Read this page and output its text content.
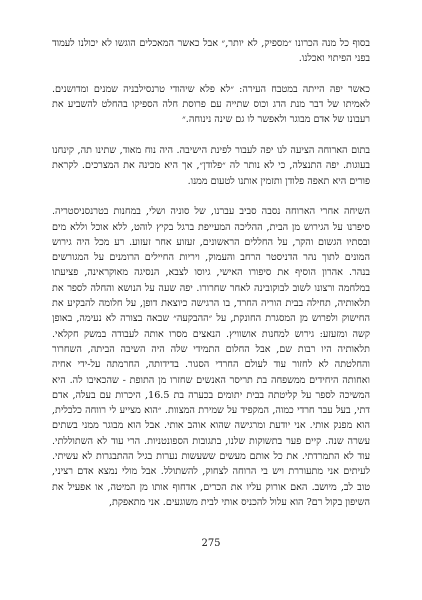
בסוף כל מנה הכרונו ״מספיק, לא יותר,״ אבל כאשר המאכלים הוגשו לא יכולנו לעמוד בפני הפיתוי ואכלנו.

כאשר יפה הייתה במטבח העירה: ״לא פלא שיהודי טרנסילבניה שמנים ומדושנים. לאמיתו של דבר מנת הדג וכוס שתייה עם פרוסת חלה הספיקו בהחלט להשביע את רעבונו של אדם מבוגר ולאפשר לו גם שינה נינוחה.״

בתום הארוחה הציעה לנו יפה לעבור לפינת הישיבה. היה נוח מאוד, שתינו תה, קינחנו בעוגות. יפה התנצלה, כי לא נותר לה ״פלודן״, אך היא מכינה את המצרכים. לקראת פורים היא תאפה פלודן ותזמין אותנו לטעום ממנו.

השיחה אחרי הארוחה נסבה סביב עברנו, של סוניה ושלי, במחנות בטרנסניסטריה. סיפרנו על הגירוש מן הבית, ההליכה המעייפת ברגל בקיץ לוהט, ללא אוכל וללא מים ובסתיו הגשום והקר, על החללים הראשונים, זעזוע אחר זעזוע. רע מכל היה גירוש המונים לתוך נהר הדניסטר הרחב והעמוק, ויריות החיילים הרומנים על המגורשים בנהר. אהרון הוסיף את סיפורו האישי, גיוסו לצבא, הנסיגה מאוקראינה, פציעתו במלחמה ורצונו לשוב לבוקובינה לאחר שחרורו. יפה שעה על הנושא והחלה לספר את תלאותיה, תחילה בבית הוריה החרד, בו הרגישה כיוצאת דופן, על חלומה להבקיע את החישוק ולפרוש מן המסגרת החונקת, על ״ההבקעה״ שבאה בצורה לא נעימה, באופן קשה ומזעזע: גירוש למחנות אושוויץ. הנאצים מסרו אותה לעבודה במשק חקלאי. תלאותיה היו רבות שם, אבל החלום התמידי שלה היה השיבה הביתה, השחרור והחלטתה לא לחזור עוד לעולם החרדי הסגור. בדידותה, החרמתה על-ידי אחיה ואחותה היחידים ממשפחה בת תריסר האנשים שחזרו מן התופת - שהכאיבו לה. היא המשיכה לספר על קליטתה בבית יתומים בכערה בת 16.5, היכרות עם בעלה, אדם דתי, בעל עבר חרדי כמוה, המקפיד על שמירת המצוות. ״הוא מצייע לי רווחה כלכלית, הוא מפנק אותי. אני יודעת ומרגישה שהוא אוהב אותי. אבל הוא מבוגר ממני בשתים עשרה שנה. קיים פער בתשוקות שלנו, בתגובות הספונטניות. הרי עוד לא השתוללתי. עוד לא התמרדתי. את כל אותם מעשים ששעשות נערות בגיל ההתבגרות לא עשיתי. לעיתים אני מתעוררת ויש בי הרוחה לצחוק, להשתולל. אבל מולי נמצא אדם רציני, טוב לב, מיושב. האם אורוק עליו את הכרים, אדחוף אותו מן המיטה, או אפעיל את השיפון בקול רם? הוא עלול להכניס אותי לבית משוגעים. אני מתאפקת,

275
